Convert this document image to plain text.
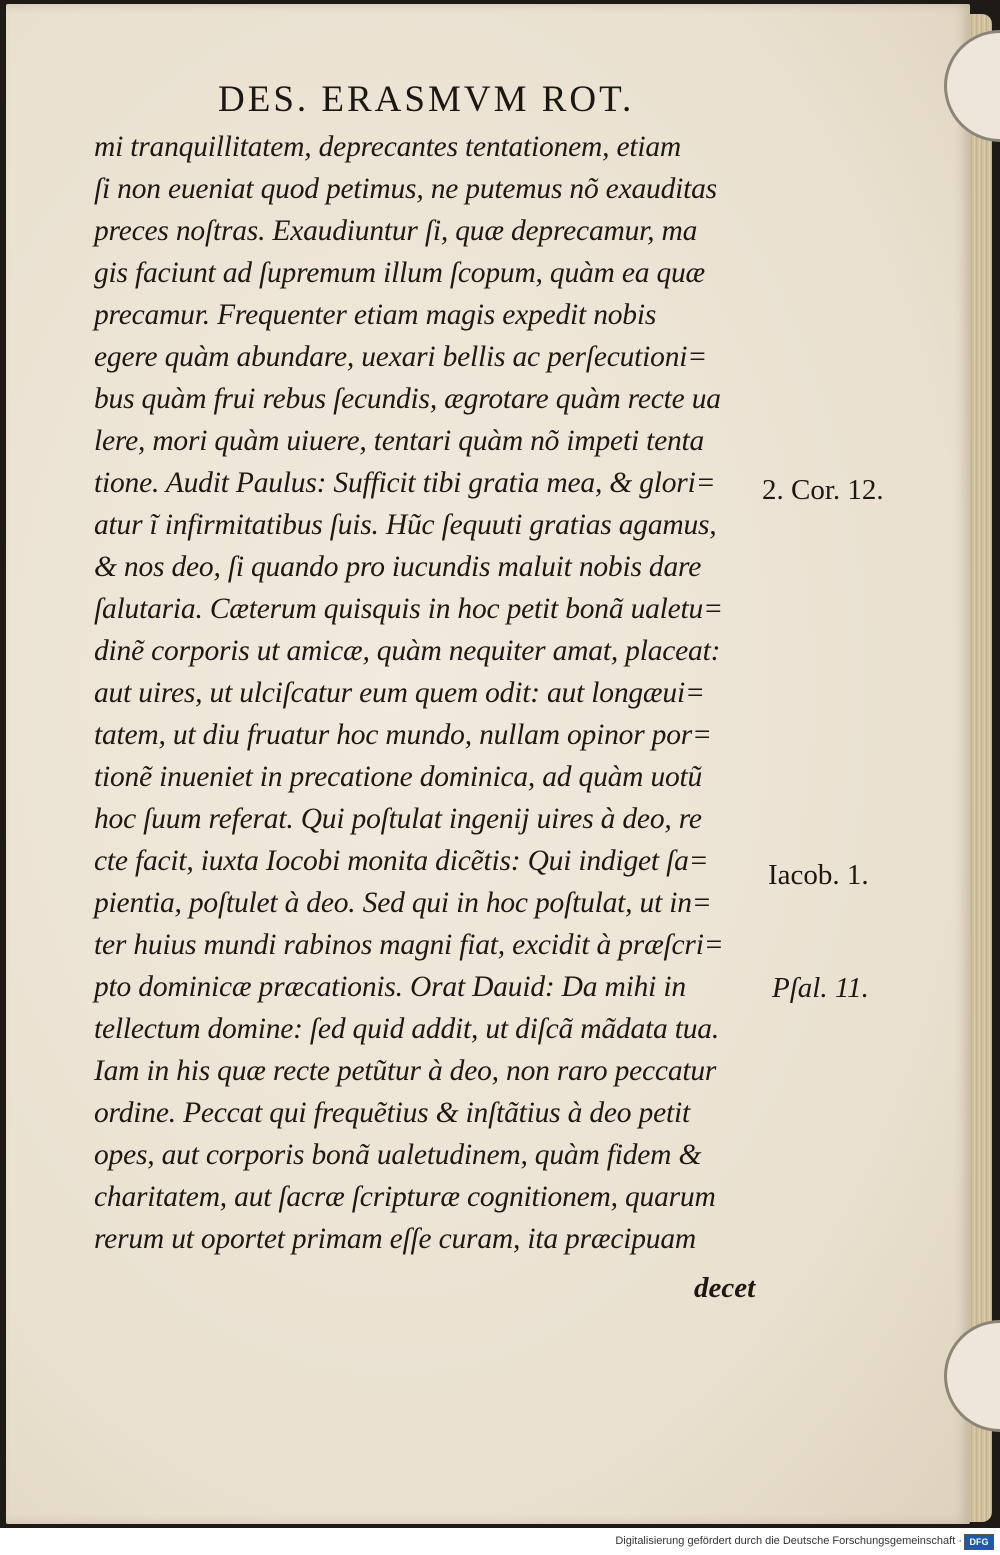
DES. ERASMVM ROT.
mi tranquillitatem, deprecantes tentationem, etiam
ſi non eueniat quod petimus, ne putemus nõ exauditas
preces noſtras. Exaudiuntur ſi, quæ deprecamur, ma
gis faciunt ad ſupremum illum ſcopum, quàm ea quæ
precamur. Frequenter etiam magis expedit nobis
egere quàm abundare, uexari bellis ac perſecutioni=
bus quàm frui rebus ſecundis, ægrotare quàm recte ua
lere, mori quàm uiuere, tentari quàm nõ impeti tenta
tione. Audit Paulus: Sufficit tibi gratia mea, & glori=
atur ĩ infirmitatibus ſuis. Hũc ſequuti gratias agamus,
& nos deo, ſi quando pro iucundis maluit nobis dare
ſalutaria. Cæterum quisquis in hoc petit bonã ualetu=
dinẽ corporis ut amicæ, quàm nequiter amat, placeat:
aut uires, ut ulciſcatur eum quem odit: aut longæui=
tatem, ut diu fruatur hoc mundo, nullam opinor por=
tionẽ inueniet in precatione dominica, ad quàm uotũ
hoc ſuum referat. Qui poſtulat ingenij uires à deo, re
cte facit, iuxta Iocobi monita dicẽtis: Qui indiget ſa=
pientia, poſtulet à deo. Sed qui in hoc poſtulat, ut in=
ter huius mundi rabinos magni fiat, excidit à præſcri=
pto dominicæ præcationis. Orat Dauid: Da mihi in
tellectum domine: ſed quid addit, ut diſcã mãdata tua.
Iam in his quæ recte petũtur à deo, non raro peccatur
ordine. Peccat qui frequẽtius & inſtãtius à deo petit
opes, aut corporis bonã ualetudinem, quàm fidem &
charitatem, aut ſacræ ſcripturæ cognitionem, quarum
rerum ut oportet primam eſſe curam, ita præcipuam
decet
2. Cor. 12.
Iacob. 1.
Pſal. 11.
Digitalisierung gefördert durch die Deutsche Forschungsgemeinschaft · DFG
